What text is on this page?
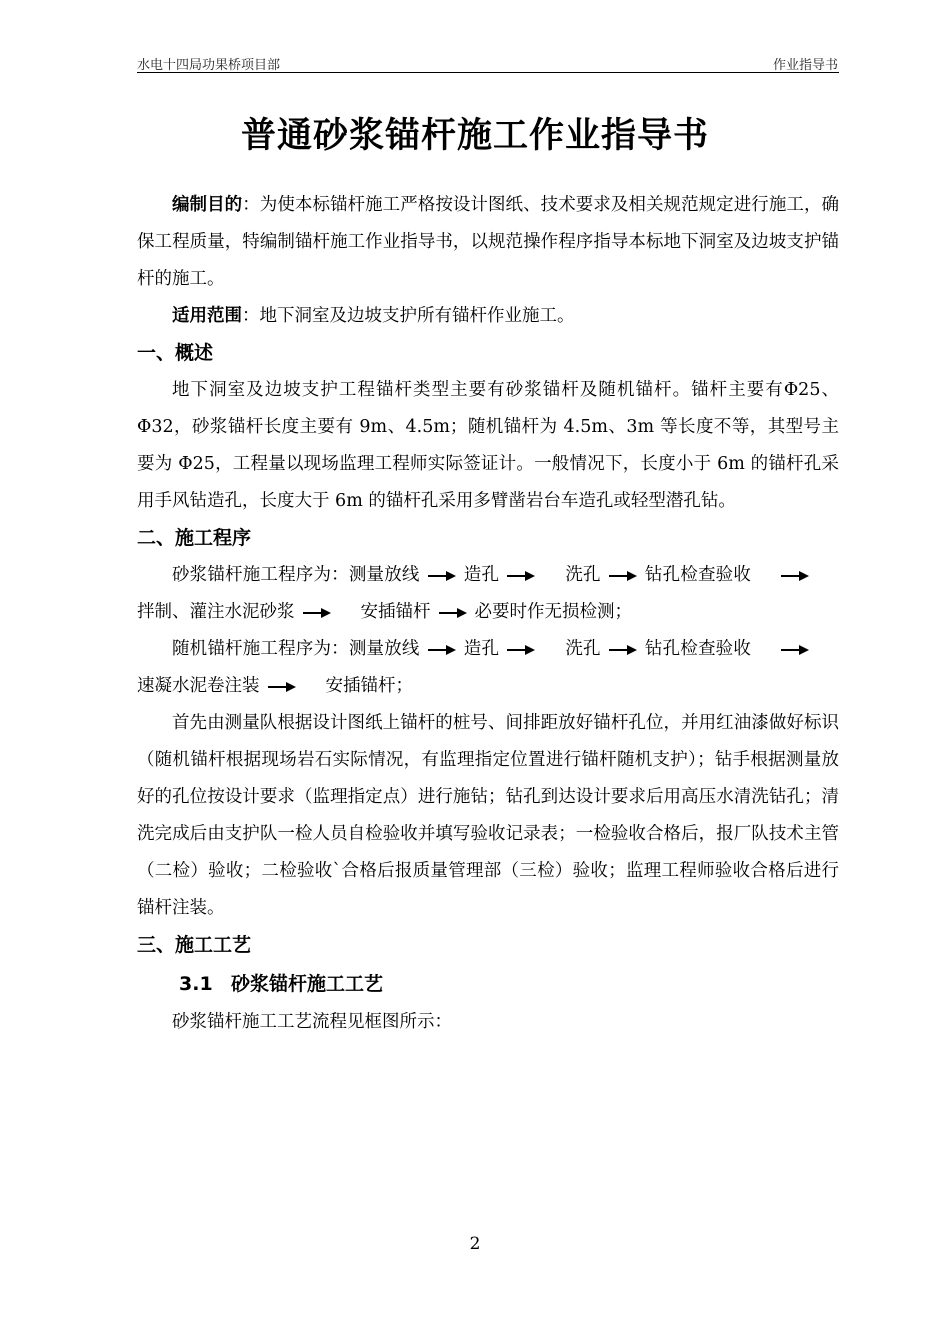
水电十四局功果桥项目部	作业指导书
普通砂浆锚杆施工作业指导书

编制目的：为使本标锚杆施工严格按设计图纸、技术要求及相关规范规定进行施工，确保工程质量，特编制锚杆施工作业指导书，以规范操作程序指导本标地下洞室及边坡支护锚杆的施工。

适用范围：地下洞室及边坡支护所有锚杆作业施工。

一、概述

地下洞室及边坡支护工程锚杆类型主要有砂浆锚杆及随机锚杆。锚杆主要有Φ25、Φ32，砂浆锚杆长度主要有 9m、4.5m；随机锚杆为 4.5m、3m 等长度不等，其型号主要为 Φ25，工程量以现场监理工程师实际签证计。一般情况下，长度小于 6m 的锚杆孔采用手风钻造孔，长度大于 6m 的锚杆孔采用多臂凿岩台车造孔或轻型潜孔钻。

二、施工程序

砂浆锚杆施工程序为：测量放线	造孔	洗孔	钻孔检查验收
拌制、灌注水泥砂浆	安插锚杆	必要时作无损检测；

随机锚杆施工程序为：测量放线	造孔	洗孔	钻孔检查验收
速凝水泥卷注装	安插锚杆；

首先由测量队根据设计图纸上锚杆的桩号、间排距放好锚杆孔位，并用红油漆做好标识（随机锚杆根据现场岩石实际情况，有监理指定位置进行锚杆随机支护）；钻手根据测量放好的孔位按设计要求（监理指定点）进行施钻；钻孔到达设计要求后用高压水清洗钻孔；清洗完成后由支护队一检人员自检验收并填写验收记录表；一检验收合格后，报厂队技术主管（二检）验收；二检验收`合格后报质量管理部（三检）验收；监理工程师验收合格后进行锚杆注装。

三、施工工艺

3.1 砂浆锚杆施工工艺

砂浆锚杆施工工艺流程见框图所示：

2
